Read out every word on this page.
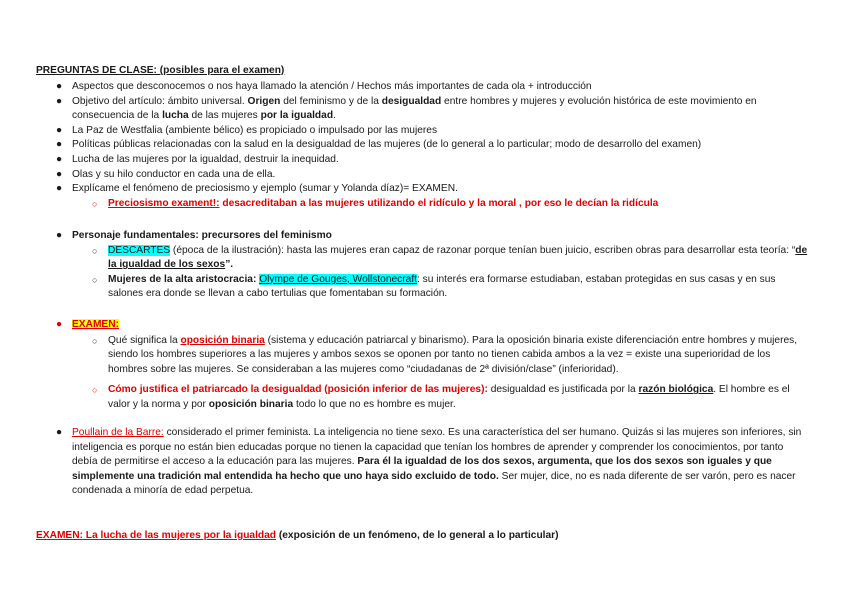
PREGUNTAS DE CLASE: (posibles para el examen)
● Aspectos que desconocemos o nos haya llamado la atención / Hechos más importantes de cada ola + introducción
● Objetivo del artículo: ámbito universal. Origen del feminismo y de la desigualdad entre hombres y mujeres y evolución histórica de este movimiento en consecuencia de la lucha de las mujeres por la igualdad.
● La Paz de Westfalia (ambiente bélico) es propiciado o impulsado por las mujeres
● Políticas públicas relacionadas con la salud en la desigualdad de las mujeres (de lo general a lo particular; modo de desarrollo del examen)
● Lucha de las mujeres por la igualdad, destruir la inequidad.
● Olas y su hilo conductor en cada una de ella.
● Explícame el fenómeno de preciosismo y ejemplo (sumar y Yolanda díaz)= EXAMEN.
○ Preciosismo exament!: desacreditaban a las mujeres utilizando el ridículo y la moral , por eso le decían la ridícula
● Personaje fundamentales: precursores del feminismo
○ DESCARTES (época de la ilustración): hasta las mujeres eran capaz de razonar porque tenían buen juicio, escriben obras para desarrollar esta teoría: “de la igualdad de los sexos”.
○ Mujeres de la alta aristocracia: Olympe de Gouges, Wollstonecraft: su interés era formarse estudiaban, estaban protegidas en sus casas y en sus salones era donde se llevan a cabo tertulias que fomentaban su formación.
● EXAMEN:
○ Qué significa la oposición binaria (sistema y educación patriarcal y binarismo). Para la oposición binaria existe diferenciación entre hombres y mujeres, siendo los hombres superiores a las mujeres y ambos sexos se oponen por tanto no tienen cabida ambos a la vez = existe una superioridad de los hombres sobre las mujeres. Se consideraban a las mujeres como “ciudadanas de 2ª división/clase” (inferioridad).
○ Cómo justifica el patriarcado la desigualdad (posición inferior de las mujeres): desigualdad es justificada por la razón biológica. El hombre es el valor y la norma y por oposición binaria todo lo que no es hombre es mujer.
● Poullain de la Barre: considerado el primer feminista. La inteligencia no tiene sexo. Es una característica del ser humano. Quizás si las mujeres son inferiores, sin inteligencia es porque no están bien educadas porque no tienen la capacidad que tenían los hombres de aprender y comprender los conocimientos, por tanto debía de permitirse el acceso a la educación para las mujeres. Para él la igualdad de los dos sexos, argumenta, que los dos sexos son iguales y que simplemente una tradición mal entendida ha hecho que uno haya sido excluido de todo. Ser mujer, dice, no es nada diferente de ser varón, pero es nacer condenada a minoría de edad perpetua.
EXAMEN: La lucha de las mujeres por la igualdad (exposición de un fenómeno, de lo general a lo particular)
